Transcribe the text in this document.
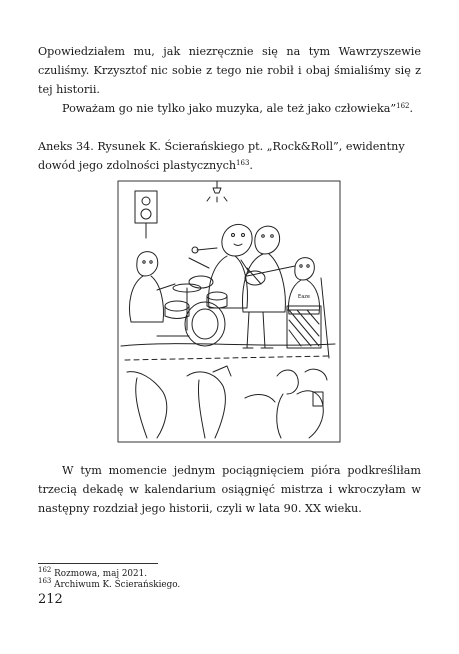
Opowiedziałem mu, jak niezręcznie się na tym Wawrzyszewie czuliśmy. Krzysztof nic sobie z tego nie robił i obaj śmialiśmy się z tej historii.
Poważam go nie tylko jako muzyka, ale też jako człowieka”$^{162}$.
Aneks 34. Rysunek K. Ścierańskiego pt. „Rock&Roll”, ewidentny dowód jego zdolności plastycznych$^{163}$.
Eaze
W tym momencie jednym pociągnięciem pióra podkreśliłam trzecią dekadę w kalendarium osiągnięć mistrza i wkroczyłam w następny rozdział jego historii, czyli w lata 90. XX wieku.
$^{162}$ Rozmowa, maj 2021.
$^{163}$ Archiwum K. Ścierańskiego.
212
